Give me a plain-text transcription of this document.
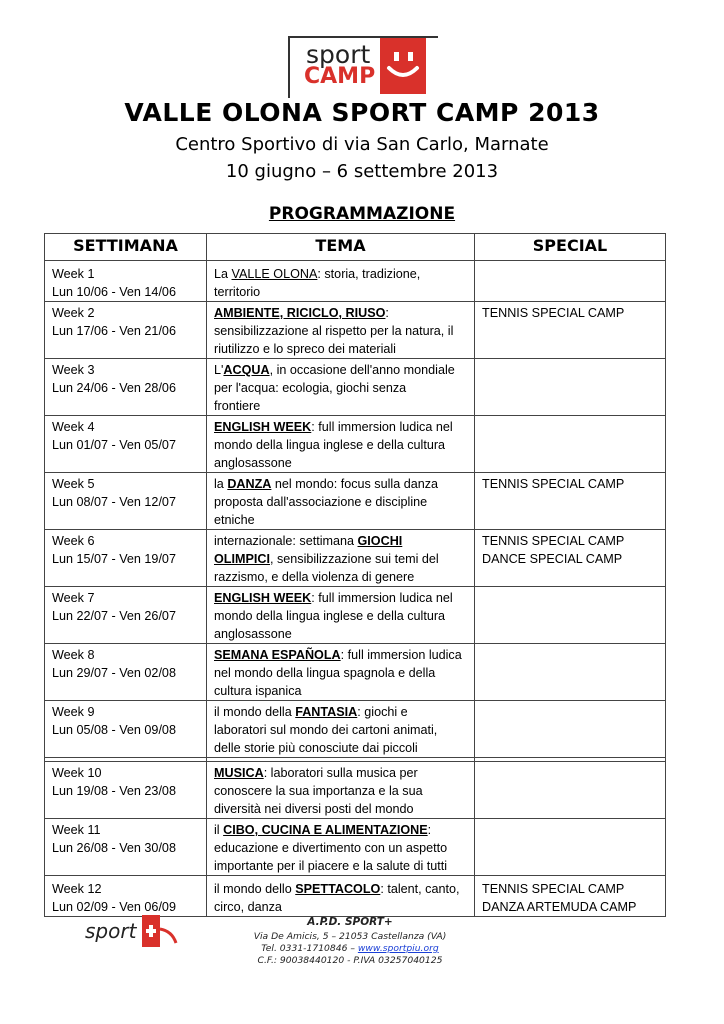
sport
CAMP
VALLE OLONA SPORT CAMP 2013
Centro Sportivo di via San Carlo, Marnate
10 giugno – 6 settembre 2013
PROGRAMMAZIONE
SETTIMANA	TEMA	SPECIAL

Week 1
Lun 10/06 - Ven 14/06	La VALLE OLONA: storia, tradizione,
territorio	

Week 2
Lun 17/06 - Ven 21/06	AMBIENTE, RICICLO, RIUSO:
sensibilizzazione al rispetto per la natura, il
riutilizzo e lo spreco dei materiali	TENNIS SPECIAL CAMP

Week 3
Lun 24/06 - Ven 28/06	L'ACQUA, in occasione dell'anno mondiale
per l'acqua: ecologia, giochi senza
frontiere	

Week 4
Lun 01/07 - Ven 05/07	ENGLISH WEEK: full immersion ludica nel
mondo della lingua inglese e della cultura
anglosassone	

Week 5
Lun 08/07 - Ven 12/07	la DANZA nel mondo: focus sulla danza
proposta dall'associazione e discipline
etniche	TENNIS SPECIAL CAMP

Week 6
Lun 15/07 - Ven 19/07	internazionale: settimana GIOCHI
OLIMPICI, sensibilizzazione sui temi del
razzismo, e della violenza di genere	TENNIS SPECIAL CAMP
DANCE SPECIAL CAMP

Week 7
Lun 22/07 - Ven 26/07	ENGLISH WEEK: full immersion ludica nel
mondo della lingua inglese e della cultura
anglosassone	

Week 8
Lun 29/07 - Ven 02/08	SEMANA ESPAÑOLA: full immersion ludica
nel mondo della lingua spagnola e della
cultura ispanica	

Week 9
Lun 05/08 - Ven 09/08	il mondo della FANTASIA: giochi e
laboratori sul mondo dei cartoni animati,
delle storie più conosciute dai piccoli	

Week 10
Lun 19/08 - Ven 23/08	MUSICA: laboratori sulla musica per
conoscere la sua importanza e la sua
diversità nei diversi posti del mondo	

Week 11
Lun 26/08 - Ven 30/08	il CIBO, CUCINA E ALIMENTAZIONE:
educazione e divertimento con un aspetto
importante per il piacere e la salute di tutti	

Week 12
Lun 02/09 - Ven 06/09	il mondo dello SPETTACOLO: talent, canto,
circo, danza	TENNIS SPECIAL CAMP
DANZA ARTEMUDA CAMP
sport	A.P.D. SPORT+
Via De Amicis, 5 – 21053 Castellanza (VA)
Tel. 0331-1710846 – www.sportpiu.org
C.F.: 90038440120 - P.IVA 03257040125
